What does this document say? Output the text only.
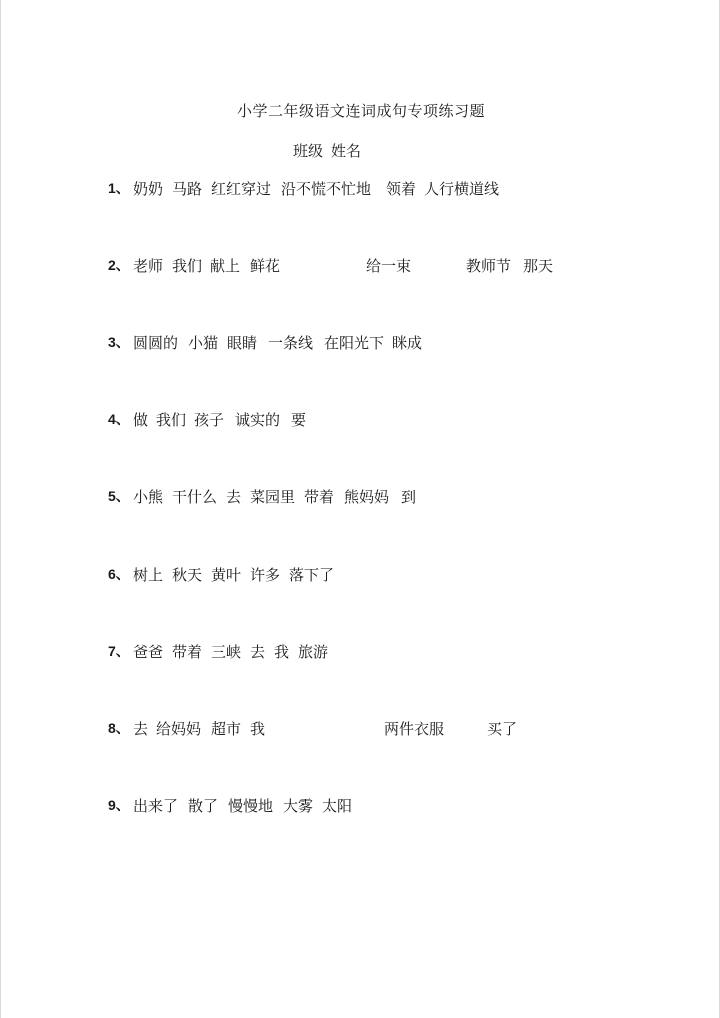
小学二年级语文连词成句专项练习题
班级 姓名
1、 奶奶 马路 红红穿过 沿不慌不忙地 领着 人行横道线
2、 老师 我们 献上 鲜花	给一束	教师节 那天
3、 圆圆的 小猫 眼睛 一条线 在阳光下 眯成
4、 做 我们 孩子 诚实的 要
5、 小熊 干什么 去 菜园里 带着 熊妈妈 到
6、 树上 秋天 黄叶 许多 落下了
7、 爸爸 带着 三峡 去 我 旅游
8、 去 给妈妈 超市 我	两件衣服	买了
9、 出来了 散了 慢慢地 大雾 太阳
